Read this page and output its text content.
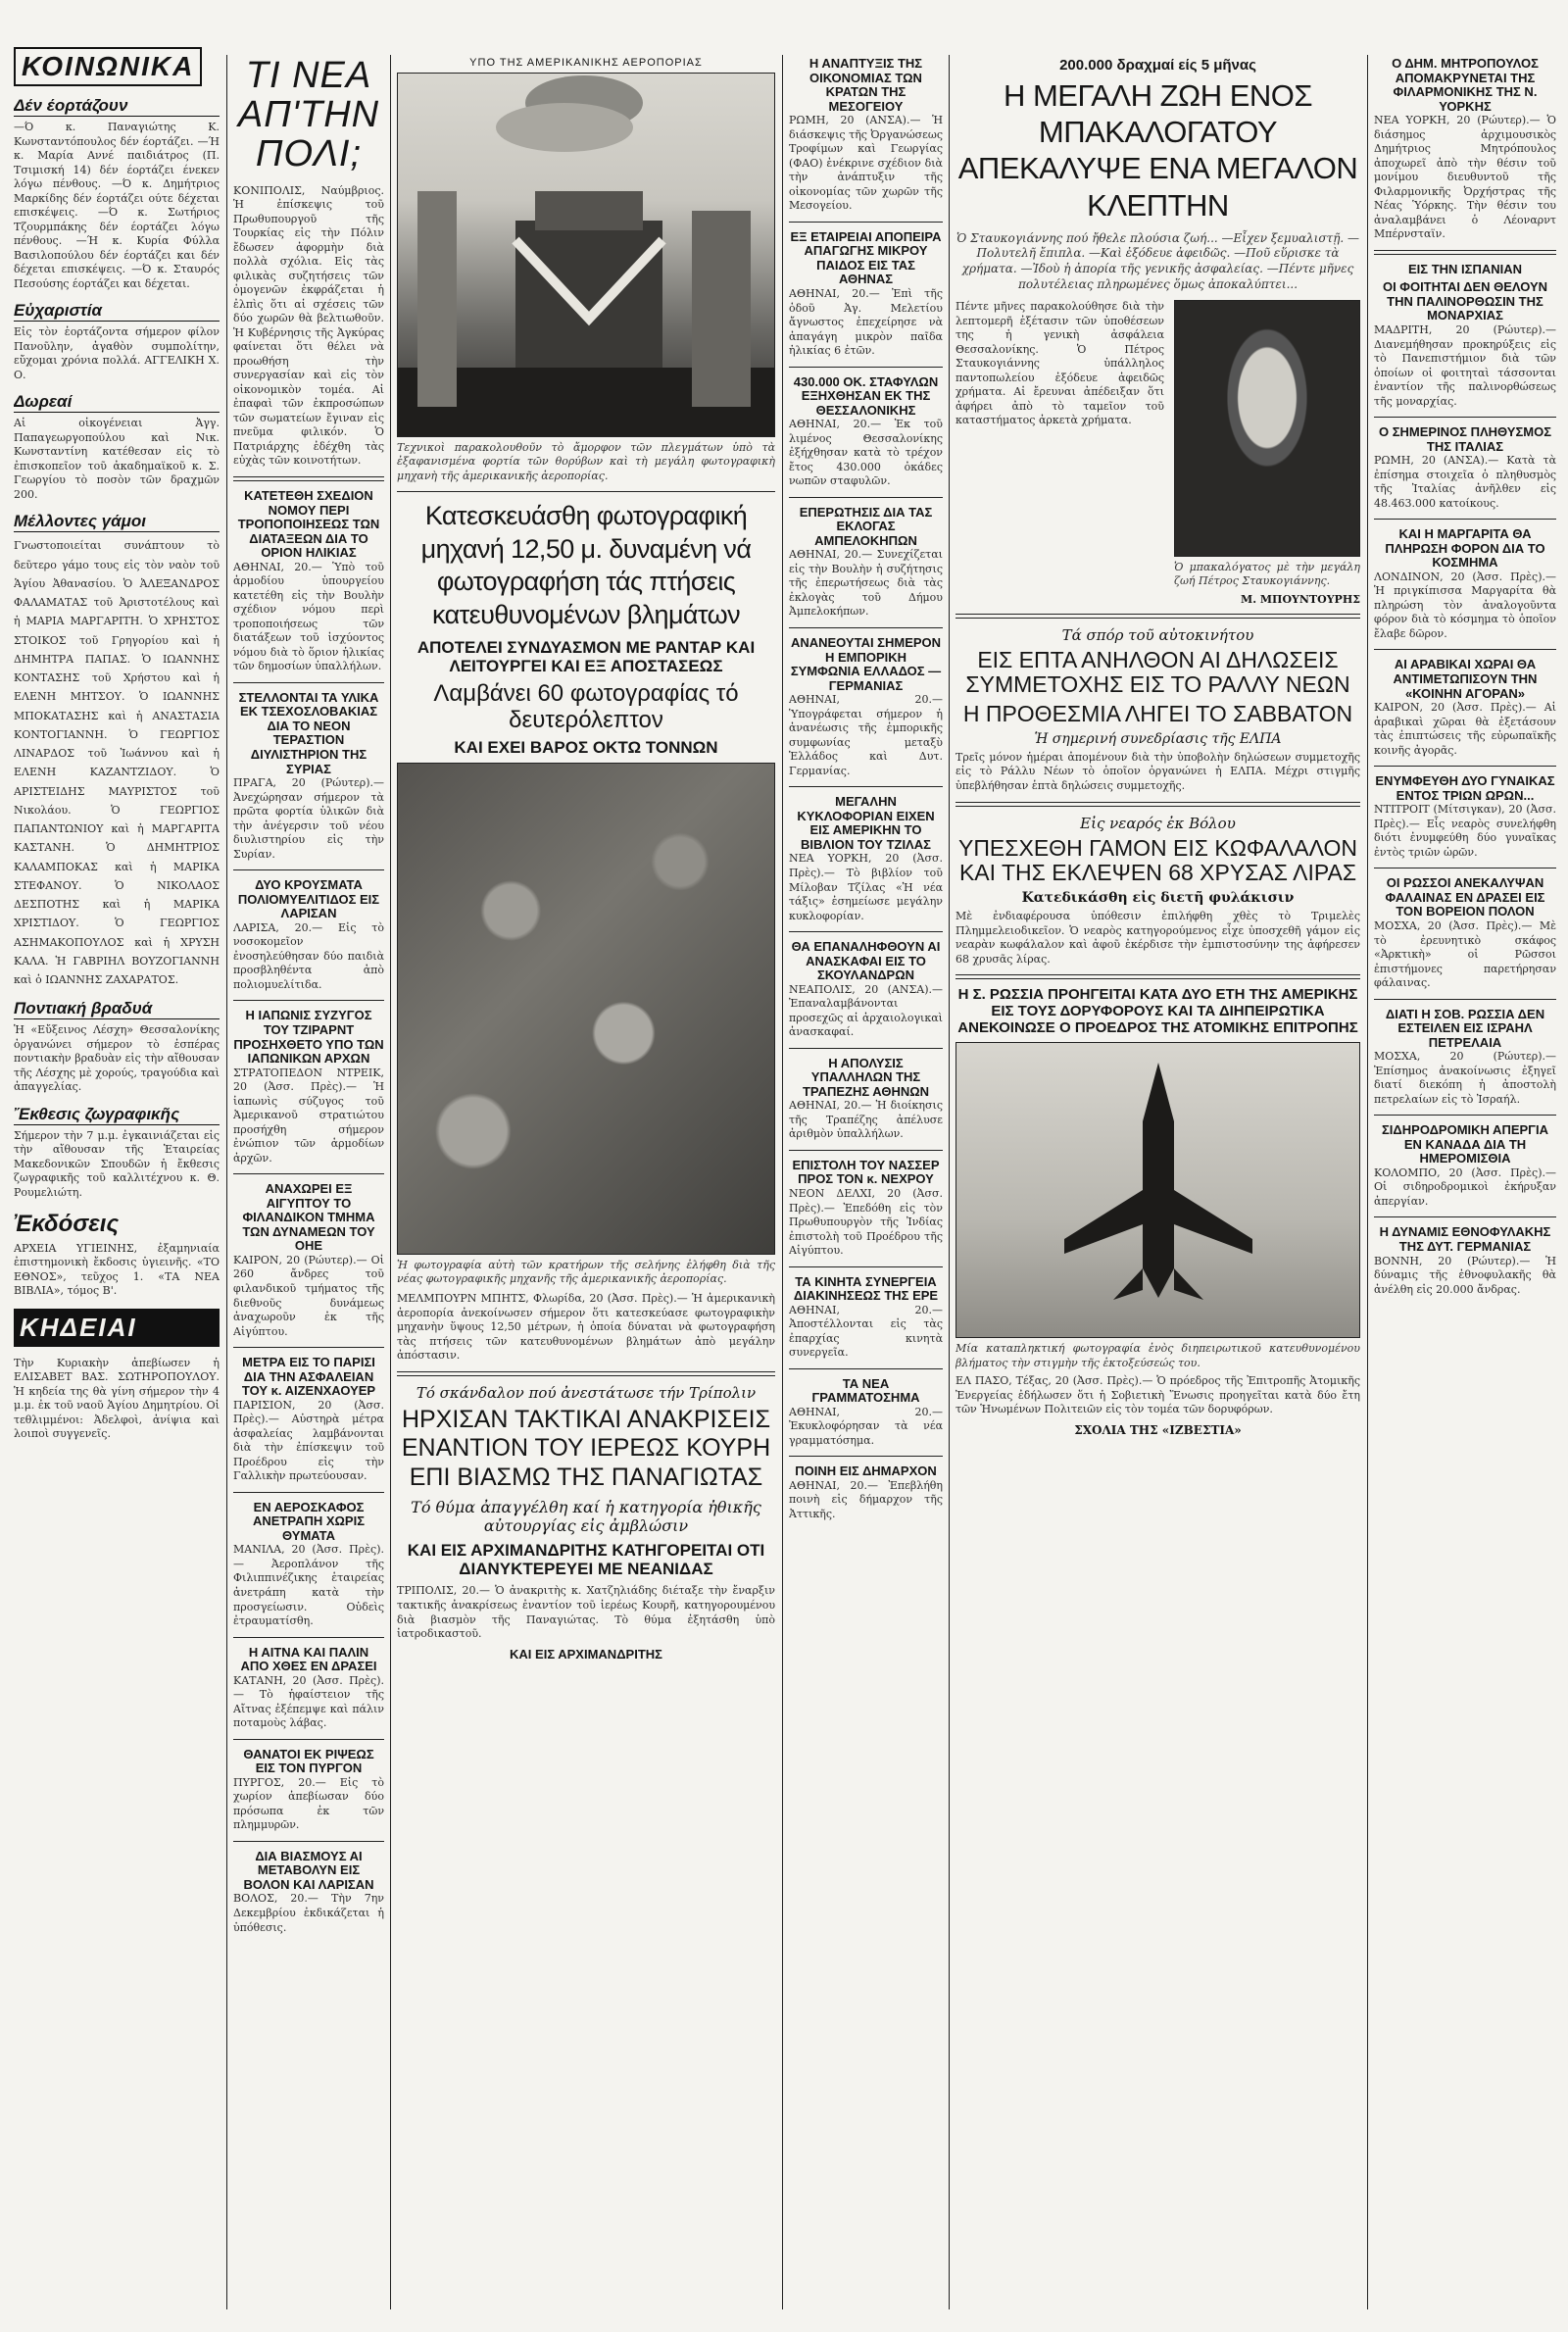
ΚΟΙΝΩΝΙΚΑ
Δέν έορτάζουν
—Ό κ. Παναγιώτης Κ. Κωνσταντόπουλος δέν έορτάζει. —Ή κ. Μαρία Αννέ παιδιάτρος (Π. Τσιμισκή 14) δέν έορτάζει ένεκεν λόγω πένθους. —Ό κ. Δημήτριος Μαρκίδης δέν έορτάζει ούτε δέχεται επισκέψεις. —Ό κ. Σωτήριος Τζουρμπάκης δέν έορτάζει λόγω πένθους. —Ή κ. Κυρία Φύλλα Βασιλοπούλου δέν έορτάζει και δέν δέχεται επισκέψεις. —Ό κ. Σταυρός Πεσούσης έορτάζει και δέχεται.
Εὐχαριστία
Εἰς τὸν ἑορτάζοντα σήμερον φίλον Πανοῦλην, ἀγαθὸν συμπολίτην, εὔχομαι χρόνια πολλά. ΑΓΓΕΛΙΚΗ Χ. Ο.
Δωρεαί
Αἱ οἰκογένειαι Ἀγγ. Παπαγεωργοπούλου καὶ Νικ. Κωνσταντίνη κατέθεσαν εἰς τὸ ἐπισκοπεῖον τοῦ ἀκαδημαϊκοῦ κ. Σ. Γεωργίου τὸ ποσὸν τῶν δραχμῶν 200.
Μέλλοντες γάμοι
Γνωστοποιείται συνάπτουν τὸ δεῦτερο γάμο τους εἰς τὸν ναὸν τοῦ Ἁγίου Ἀθανασίου. Ὁ ἈΛΕΞΑΝΔΡΟΣ ΦΑΛΑΜΑΤΑΣ τοῦ Ἀριστοτέλους καὶ ἡ ΜΑΡΙΑ ΜΑΡΓΑΡΙΤΗ. Ὁ ΧΡΗΣΤΟΣ ΣΤΟΙΚΟΣ τοῦ Γρηγορίου καὶ ἡ ΔΗΜΗΤΡΑ ΠΑΠΑΣ. Ὁ ΙΩΑΝΝΗΣ ΚΟΝΤΑΣΗΣ τοῦ Χρήστου καὶ ἡ ΕΛΕΝΗ ΜΗΤΣΟΥ. Ὁ ΙΩΑΝΝΗΣ ΜΠΟΚΑΤΑΣΗΣ καὶ ἡ ΑΝΑΣΤΑΣΙΑ ΚΟΝΤΟΓΙΑΝΝΗ. Ὁ ΓΕΩΡΓΙΟΣ ΛΙΝΑΡΔΟΣ τοῦ Ἰωάννου καὶ ἡ ΕΛΕΝΗ ΚΑΖΑΝΤΖΙΔΟΥ. Ὁ ΑΡΙΣΤΕΙΔΗΣ ΜΑΥΡΙΣΤΟΣ τοῦ Νικολάου. Ὁ ΓΕΩΡΓΙΟΣ ΠΑΠΑΝΤΩΝΙΟΥ καὶ ἡ ΜΑΡΓΑΡΙΤΑ ΚΑΣΤΑΝΗ. Ὁ ΔΗΜΗΤΡΙΟΣ ΚΑΛΑΜΠΟΚΑΣ καὶ ἡ ΜΑΡΙΚΑ ΣΤΕΦΑΝΟΥ. Ὁ ΝΙΚΟΛΑΟΣ ΔΕΣΠΟΤΗΣ καὶ ἡ ΜΑΡΙΚΑ ΧΡΙΣΤΙΔΟΥ. Ὁ ΓΕΩΡΓΙΟΣ ΑΣΗΜΑΚΟΠΟΥΛΟΣ καὶ ἡ ΧΡΥΣΗ ΚΑΛΑ. Ἡ ΓΑΒΡΙΗΛ ΒΟΥΖΟΓΙΑΝΝΗ καὶ ὁ ΙΩΑΝΝΗΣ ΖΑΧΑΡΑΤΟΣ.
Ποντιακή βραδυά
Ἡ «Εὔξεινος Λέσχη» Θεσσαλονίκης ὀργανώνει σήμερον τὸ ἑσπέρας ποντιακὴν βραδυὰν εἰς τὴν αἴθουσαν τῆς Λέσχης μὲ χορούς, τραγούδια καὶ ἀπαγγελίας.
Ἔκθεσις ζωγραφικῆς
Σήμερον τὴν 7 μ.μ. ἐγκαινιάζεται εἰς τὴν αἴθουσαν τῆς Ἑταιρείας Μακεδονικῶν Σπουδῶν ἡ ἔκθεσις ζωγραφικῆς τοῦ καλλιτέχνου κ. Θ. Ρουμελιώτη.
Ἐκδόσεις
ΑΡΧΕΙΑ ΥΓΙΕΙΝΗΣ, ἐξαμηνιαία ἐπιστημονικὴ ἔκδοσις ὑγιεινῆς. «ΤΟ ΕΘΝΟΣ», τεῦχος 1. «ΤΑ ΝΕΑ ΒΙΒΛΙΑ», τόμος Β'.
ΚΗΔΕΙΑΙ
Τὴν Κυριακὴν ἀπεβίωσεν ἡ ΕΛΙΣΑΒΕΤ ΒΑΣ. ΣΩΤΗΡΟΠΟΥΛΟΥ. Ἡ κηδεία της θὰ γίνη σήμερον τὴν 4 μ.μ. ἐκ τοῦ ναοῦ Ἁγίου Δημητρίου. Οἱ τεθλιμμένοι: Ἀδελφοὶ, ἀνίψια καὶ λοιποὶ συγγενεῖς.
ΤΙ ΝΕΑ ΑΠ'ΤΗΝ ΠΟΛΙ;
ΚΟΝΙΠΟΛΙΣ, Ναύμβριος. Ἡ ἐπίσκεψις τοῦ Πρωθυπουργοῦ τῆς Τουρκίας εἰς τὴν Πόλιν ἔδωσεν ἀφορμὴν διὰ πολλὰ σχόλια. Εἰς τὰς φιλικὰς συζητήσεις τῶν ὁμογενῶν ἐκφράζεται ἡ ἐλπὶς ὅτι αἱ σχέσεις τῶν δύο χωρῶν θὰ βελτιωθοῦν. Ἡ Κυβέρνησις τῆς Ἀγκύρας φαίνεται ὅτι θέλει νὰ προωθήση τὴν συνεργασίαν καὶ εἰς τὸν οἰκονομικὸν τομέα. Αἱ ἐπαφαὶ τῶν ἐκπροσώπων τῶν σωματείων ἔγιναν εἰς πνεῦμα φιλικόν. Ὁ Πατριάρχης ἐδέχθη τὰς εὐχὰς τῶν κοινοτήτων.
ΚΑΤΕΤΕΘΗ ΣΧΕΔΙΟΝ ΝΟΜΟΥ ΠΕΡΙ ΤΡΟΠΟΠΟΙΗΣΕΩΣ ΤΩΝ ΔΙΑΤΑΞΕΩΝ ΔΙΑ ΤΟ ΟΡΙΟΝ ΗΛΙΚΙΑΣ
ΑΘΗΝΑΙ, 20.— Ὑπὸ τοῦ ἁρμοδίου ὑπουργείου κατετέθη εἰς τὴν Βουλὴν σχέδιον νόμου περὶ τροποποιήσεως τῶν διατάξεων τοῦ ἰσχύοντος νόμου διὰ τὸ ὅριον ἡλικίας τῶν δημοσίων ὑπαλλήλων.
ΣΤΕΛΛΟΝΤΑΙ ΤΑ ΥΛΙΚΑ ΕΚ ΤΣΕΧΟΣΛΟΒΑΚΙΑΣ ΔΙΑ ΤΟ ΝΕΟΝ ΤΕΡΑΣΤΙΟΝ ΔΙΥΛΙΣΤΗΡΙΟΝ ΤΗΣ ΣΥΡΙΑΣ
ΠΡΑΓΑ, 20 (Ρώυτερ).— Ἀνεχώρησαν σήμερον τὰ πρῶτα φορτία ὑλικῶν διὰ τὴν ἀνέγερσιν τοῦ νέου διυλιστηρίου εἰς τὴν Συρίαν.
ΔΥΟ ΚΡΟΥΣΜΑΤΑ ΠΟΛΙΟΜΥΕΛΙΤΙΔΟΣ ΕΙΣ ΛΑΡΙΣΑΝ
ΛΑΡΙΣΑ, 20.— Εἰς τὸ νοσοκομεῖον ἐνοσηλεύθησαν δύο παιδιὰ προσβληθέντα ἀπὸ πολιομυελίτιδα.
Η ΙΑΠΩΝΙΣ ΣΥΖΥΓΟΣ ΤΟΥ ΤΖΙΡΑΡΝΤ ΠΡΟΣΗΧΘΕΤΟ ΥΠΟ ΤΩΝ ΙΑΠΩΝΙΚΩΝ ΑΡΧΩΝ
ΣΤΡΑΤΟΠΕΔΟΝ ΝΤΡΕΙΚ, 20 (Ἀσσ. Πρὲς).— Ἡ ἰαπωνὶς σύζυγος τοῦ Ἀμερικανοῦ στρατιώτου προσήχθη σήμερον ἐνώπιον τῶν ἁρμοδίων ἀρχῶν.
ΑΝΑΧΩΡΕΙ ΕΞ ΑΙΓΥΠΤΟΥ ΤΟ ΦΙΛΑΝΔΙΚΟΝ ΤΜΗΜΑ ΤΩΝ ΔΥΝΑΜΕΩΝ ΤΟΥ ΟΗΕ
ΚΑΙΡΟΝ, 20 (Ρώυτερ).— Οἱ 260 ἄνδρες τοῦ φιλανδικοῦ τμήματος τῆς διεθνοῦς δυνάμεως ἀναχωροῦν ἐκ τῆς Αἰγύπτου.
ΜΕΤΡΑ ΕΙΣ ΤΟ ΠΑΡΙΣΙ ΔΙΑ ΤΗΝ ΑΣΦΑΛΕΙΑΝ ΤΟΥ κ. ΑΙΖΕΝΧΑΟΥΕΡ
ΠΑΡΙΣΙΟΝ, 20 (Ἀσσ. Πρὲς).— Αὐστηρὰ μέτρα ἀσφαλείας λαμβάνονται διὰ τὴν ἐπίσκεψιν τοῦ Προέδρου εἰς τὴν Γαλλικὴν πρωτεύουσαν.
ΕΝ ΑΕΡΟΣΚΑΦΟΣ ΑΝΕΤΡΑΠΗ ΧΩΡΙΣ ΘΥΜΑΤΑ
ΜΑΝΙΛΑ, 20 (Ἀσσ. Πρὲς).— Ἀεροπλάνον τῆς Φιλιππινέζικης ἑταιρείας ἀνετράπη κατὰ τὴν προσγείωσιν. Οὐδεὶς ἐτραυματίσθη.
Η ΑΙΤΝΑ ΚΑΙ ΠΑΛΙΝ ΑΠΟ ΧΘΕΣ ΕΝ ΔΡΑΣΕΙ
ΚΑΤΑΝΗ, 20 (Ἀσσ. Πρὲς).— Τὸ ἡφαίστειον τῆς Αἴτνας ἐξέπεμψε καὶ πάλιν ποταμοὺς λάβας.
ΘΑΝΑΤΟΙ ΕΚ ΡΙΨΕΩΣ ΕΙΣ ΤΟΝ ΠΥΡΓΟΝ
ΠΥΡΓΟΣ, 20.— Εἰς τὸ χωρίον ἀπεβίωσαν δύο πρόσωπα ἐκ τῶν πλημμυρῶν.
ΔΙΑ ΒΙΑΣΜΟΥΣ ΑΙ ΜΕΤΑΒΟΛΥΝ ΕΙΣ ΒΟΛΟΝ ΚΑΙ ΛΑΡΙΣΑΝ
ΒΟΛΟΣ, 20.— Τὴν 7ην Δεκεμβρίου ἐκδικάζεται ἡ ὑπόθεσις.
ΥΠΟ ΤΗΣ ΑΜΕΡΙΚΑΝΙΚΗΣ ΑΕΡΟΠΟΡΙΑΣ
Τεχνικοὶ παρακολουθοῦν τὸ ἄμορφον τῶν πλεγμάτων ὑπὸ τὰ ἐξαφανισμένα φορτία τῶν θορύβων καὶ τὴ μεγάλη φωτογραφικὴ μηχανὴ τῆς ἀμερικανικῆς ἀεροπορίας.
Κατεσκευάσθη φωτογραφική μηχανή 12,50 μ. δυναμένη νά φωτογραφήση τάς πτήσεις κατευθυνομένων βλημάτων
ΑΠΟΤΕΛΕΙ ΣΥΝΔΥΑΣΜΟΝ ΜΕ ΡΑΝΤΑΡ ΚΑΙ ΛΕΙΤΟΥΡΓΕΙ ΚΑΙ ΕΞ ΑΠΟΣΤΑΣΕΩΣ
Λαμβάνει 60 φωτογραφίας τό δευτερόλεπτον
ΚΑΙ ΕΧΕΙ ΒΑΡΟΣ ΟΚΤΩ ΤΟΝΝΩΝ
Ἡ φωτογραφία αὐτὴ τῶν κρατήρων τῆς σελήνης ἐλήφθη διὰ τῆς νέας φωτογραφικῆς μηχανῆς τῆς ἀμερικανικῆς ἀεροπορίας.
ΜΕΛΜΠΟΥΡΝ ΜΠΗΤΣ, Φλωρίδα, 20 (Ἀσσ. Πρὲς).— Ἡ ἀμερικανικὴ ἀεροπορία ἀνεκοίνωσεν σήμερον ὅτι κατεσκεύασε φωτογραφικὴν μηχανὴν ὕψους 12,50 μέτρων, ἡ ὁποία δύναται νὰ φωτογραφήση τὰς πτήσεις τῶν κατευθυνομένων βλημάτων ἀπὸ μεγάλην ἀπόστασιν.
Τό σκάνδαλον πού ἀνεστάτωσε τήν Τρίπολιν
ΗΡΧΙΣΑΝ ΤΑΚΤΙΚΑΙ ΑΝΑΚΡΙΣΕΙΣ ΕΝΑΝΤΙΟΝ ΤΟΥ ΙΕΡΕΩΣ ΚΟΥΡΗ ΕΠΙ ΒΙΑΣΜΩ ΤΗΣ ΠΑΝΑΓΙΩΤΑΣ
Τό θύμα ἀπαγγέλθη καί ἡ κατηγορία ἠθικῆς αὐτουργίας εἰς ἀμβλώσιν
ΚΑΙ ΕΙΣ ΑΡΧΙΜΑΝΔΡΙΤΗΣ ΚΑΤΗΓΟΡΕΙΤΑΙ ΟΤΙ ΔΙΑΝΥΚΤΕΡΕΥΕΙ ΜΕ ΝΕΑΝΙΔΑΣ
ΤΡΙΠΟΛΙΣ, 20.— Ὁ ἀνακριτὴς κ. Χατζηλιάδης διέταξε τὴν ἔναρξιν τακτικῆς ἀνακρίσεως ἐναντίον τοῦ ἱερέως Κουρῆ, κατηγορουμένου διὰ βιασμὸν τῆς Παναγιώτας. Τὸ θύμα ἐξητάσθη ὑπὸ ἰατροδικαστοῦ.
ΚΑΙ ΕΙΣ ΑΡΧΙΜΑΝΔΡΙΤΗΣ
Η ΑΝΑΠΤΥΞΙΣ ΤΗΣ ΟΙΚΟΝΟΜΙΑΣ ΤΩΝ ΚΡΑΤΩΝ ΤΗΣ ΜΕΣΟΓΕΙΟΥ
ΡΩΜΗ, 20 (ΑΝΣΑ).— Ἡ διάσκεψις τῆς Ὀργανώσεως Τροφίμων καὶ Γεωργίας (ΦΑΟ) ἐνέκρινε σχέδιον διὰ τὴν ἀνάπτυξιν τῆς οἰκονομίας τῶν χωρῶν τῆς Μεσογείου.
ΕΞ ΕΤΑΙΡΕΙΑΙ ΑΠΟΠΕΙΡΑ ΑΠΑΓΩΓΗΣ ΜΙΚΡΟΥ ΠΑΙΔΟΣ ΕΙΣ ΤΑΣ ΑΘΗΝΑΣ
ΑΘΗΝΑΙ, 20.— Ἐπὶ τῆς ὁδοῦ Ἀγ. Μελετίου ἄγνωστος ἐπεχείρησε νὰ ἀπαγάγη μικρὸν παῖδα ἡλικίας 6 ἐτῶν.
430.000 ΟΚ. ΣΤΑΦΥΛΩΝ ΕΞΗΧΘΗΣΑΝ ΕΚ ΤΗΣ ΘΕΣΣΑΛΟΝΙΚΗΣ
ΑΘΗΝΑΙ, 20.— Ἐκ τοῦ λιμένος Θεσσαλονίκης ἐξήχθησαν κατὰ τὸ τρέχον ἔτος 430.000 ὀκάδες νωπῶν σταφυλῶν.
ΕΠΕΡΩΤΗΣΙΣ ΔΙΑ ΤΑΣ ΕΚΛΟΓΑΣ ΑΜΠΕΛΟΚΗΠΩΝ
ΑΘΗΝΑΙ, 20.— Συνεχίζεται εἰς τὴν Βουλὴν ἡ συζήτησις τῆς ἐπερωτήσεως διὰ τὰς ἐκλογὰς τοῦ Δήμου Ἀμπελοκήπων.
ΑΝΑΝΕΟΥΤΑΙ ΣΗΜΕΡΟΝ Η ΕΜΠΟΡΙΚΗ ΣΥΜΦΩΝΙΑ ΕΛΛΑΔΟΣ — ΓΕΡΜΑΝΙΑΣ
ΑΘΗΝΑΙ, 20.— Ὑπογράφεται σήμερον ἡ ἀνανέωσις τῆς ἐμπορικῆς συμφωνίας μεταξὺ Ἑλλάδος καὶ Δυτ. Γερμανίας.
ΜΕΓΑΛΗΝ ΚΥΚΛΟΦΟΡΙΑΝ ΕΙΧΕΝ ΕΙΣ ΑΜΕΡΙΚΗΝ ΤΟ ΒΙΒΛΙΟΝ ΤΟΥ ΤΖΙΛΑΣ
ΝΕΑ ΥΟΡΚΗ, 20 (Ἀσσ. Πρὲς).— Τὸ βιβλίον τοῦ Μίλοβαν Τζίλας «Ἡ νέα τάξις» ἐσημείωσε μεγάλην κυκλοφορίαν.
ΘΑ ΕΠΑΝΑΛΗΦΘΟΥΝ ΑΙ ΑΝΑΣΚΑΦΑΙ ΕΙΣ ΤΟ ΣΚΟΥΛΑΝΔΡΩΝ
ΝΕΑΠΟΛΙΣ, 20 (ΑΝΣΑ).— Ἐπαναλαμβάνονται προσεχῶς αἱ ἀρχαιολογικαὶ ἀνασκαφαί.
Η ΑΠΟΛΥΣΙΣ ΥΠΑΛΛΗΛΩΝ ΤΗΣ ΤΡΑΠΕΖΗΣ ΑΘΗΝΩΝ
ΑΘΗΝΑΙ, 20.— Ἡ διοίκησις τῆς Τραπέζης ἀπέλυσε ἀριθμὸν ὑπαλλήλων.
ΕΠΙΣΤΟΛΗ ΤΟΥ ΝΑΣΣΕΡ ΠΡΟΣ ΤΟΝ κ. ΝΕΧΡΟΥ
ΝΕΟΝ ΔΕΛΧΙ, 20 (Ἀσσ. Πρὲς).— Ἐπεδόθη εἰς τὸν Πρωθυπουργὸν τῆς Ἰνδίας ἐπιστολὴ τοῦ Προέδρου τῆς Αἰγύπτου.
ΤΑ ΚΙΝΗΤΑ ΣΥΝΕΡΓΕΙΑ ΔΙΑΚΙΝΗΣΕΩΣ ΤΗΣ ΕΡΕ
ΑΘΗΝΑΙ, 20.— Ἀποστέλλονται εἰς τὰς ἐπαρχίας κινητὰ συνεργεῖα.
ΤΑ ΝΕΑ ΓΡΑΜΜΑΤΟΣΗΜΑ
ΑΘΗΝΑΙ, 20.— Ἐκυκλοφόρησαν τὰ νέα γραμματόσημα.
ΠΟΙΝΗ ΕΙΣ ΔΗΜΑΡΧΟΝ
ΑΘΗΝΑΙ, 20.— Ἐπεβλήθη ποινὴ εἰς δήμαρχον τῆς Ἀττικῆς.
200.000 δραχμαί είς 5 μῆνας
Η ΜΕΓΑΛΗ ΖΩΗ ΕΝΟΣ ΜΠΑΚΑΛΟΓΑΤΟΥ ΑΠΕΚΑΛΥΨΕ ΕΝΑ ΜΕΓΑΛΟΝ ΚΛΕΠΤΗΝ
Ὁ Σταυκογιάννης πού ἤθελε πλούσια ζωή... —Εἶχεν ξεμυαλιστῇ. —Πολυτελῆ ἔπιπλα. —Καὶ ἐξόδευε ἀφειδῶς. —Ποῦ εὕρισκε τὰ χρήματα. —Ἰδοὺ ἡ ἀπορία τῆς γενικῆς ἀσφαλείας. —Πέντε μῆνες πολυτέλειας πληρωμένες ὅμως ἀποκαλύπτει...
Πέντε μῆνες παρακολούθησε διὰ τὴν λεπτομερῆ ἐξέτασιν τῶν ὑποθέσεων της ἡ γενικὴ ἀσφάλεια Θεσσαλονίκης. Ὁ Πέτρος Σταυκογιάννης ὑπάλληλος παντοπωλείου ἐξόδευε ἀφειδῶς χρήματα. Αἱ ἔρευναι ἀπέδειξαν ὅτι ἀφήρει ἀπὸ τὸ ταμεῖον τοῦ καταστήματος ἀρκετὰ χρήματα.
Ὁ μπακαλόγατος μὲ τὴν μεγάλη ζωή Πέτρος Σταυκογιάννης.
Μ. ΜΠΟΥΝΤΟΥΡΗΣ
Τά σπόρ τοῦ αὐτοκινήτου
ΕΙΣ ΕΠΤΑ ΑΝΗΛΘΟΝ ΑΙ ΔΗΛΩΣΕΙΣ ΣΥΜΜΕΤΟΧΗΣ ΕΙΣ ΤΟ ΡΑΛΛΥ ΝΕΩΝ
Η ΠΡΟΘΕΣΜΙΑ ΛΗΓΕΙ ΤΟ ΣΑΒΒΑΤΟΝ
Ἡ σημερινή συνεδρίασις τῆς ΕΛΠΑ
Τρεῖς μόνον ἡμέραι ἀπομένουν διὰ τὴν ὑποβολὴν δηλώσεων συμμετοχῆς εἰς τὸ Ράλλυ Νέων τὸ ὁποῖον ὀργανώνει ἡ ΕΛΠΑ. Μέχρι στιγμῆς ὑπεβλήθησαν ἑπτὰ δηλώσεις συμμετοχῆς.
Εἰς νεαρός ἐκ Βόλου
ΥΠΕΣΧΕΘΗ ΓΑΜΟΝ ΕΙΣ ΚΩΦΑΛΑΛΟΝ ΚΑΙ ΤΗΣ ΕΚΛΕΨΕΝ 68 ΧΡΥΣΑΣ ΛΙΡΑΣ
Κατεδικάσθη εἰς διετῆ φυλάκισιν
Μὲ ἐνδιαφέρουσα ὑπόθεσιν ἐπιλήφθη χθὲς τὸ Τριμελὲς Πλημμελειοδικεῖον. Ὁ νεαρὸς κατηγορούμενος εἶχε ὑποσχεθῆ γάμον εἰς νεαρὰν κωφάλαλον καὶ ἀφοῦ ἐκέρδισε τὴν ἐμπιστοσύνην της ἀφήρεσεν 68 χρυσᾶς λίρας.
Η Σ. ΡΩΣΣΙΑ ΠΡΟΗΓΕΙΤΑΙ ΚΑΤΑ ΔΥΟ ΕΤΗ ΤΗΣ ΑΜΕΡΙΚΗΣ ΕΙΣ ΤΟΥΣ ΔΟΡΥΦΟΡΟΥΣ ΚΑΙ ΤΑ ΔΙΗΠΕΙΡΩΤΙΚΑ ΑΝΕΚΟΙΝΩΣΕ Ο ΠΡΟΕΔΡΟΣ ΤΗΣ ΑΤΟΜΙΚΗΣ ΕΠΙΤΡΟΠΗΣ
Μία καταπληκτική φωτογραφία ἑνὸς διηπειρωτικοῦ κατευθυνομένου βλήματος τὴν στιγμὴν τῆς ἐκτοξεύσεώς του.
ΕΛ ΠΑΣΟ, Τέξας, 20 (Ἀσσ. Πρὲς).— Ὁ πρόεδρος τῆς Ἐπιτροπῆς Ἀτομικῆς Ἐνεργείας ἐδήλωσεν ὅτι ἡ Σοβιετικὴ Ἕνωσις προηγεῖται κατὰ δύο ἔτη τῶν Ἡνωμένων Πολιτειῶν εἰς τὸν τομέα τῶν δορυφόρων.
ΣΧΟΛΙΑ ΤΗΣ «ΙΖΒΕΣΤΙΑ»
Ο ΔΗΜ. ΜΗΤΡΟΠΟΥΛΟΣ ΑΠΟΜΑΚΡΥΝΕΤΑΙ ΤΗΣ ΦΙΛΑΡΜΟΝΙΚΗΣ ΤΗΣ Ν. ΥΟΡΚΗΣ
ΝΕΑ ΥΟΡΚΗ, 20 (Ρώυτερ).— Ὁ διάσημος ἀρχιμουσικὸς Δημήτριος Μητρόπουλος ἀποχωρεῖ ἀπὸ τὴν θέσιν τοῦ μονίμου διευθυντοῦ τῆς Φιλαρμονικῆς Ὀρχήστρας τῆς Νέας Ὑόρκης. Τὴν θέσιν του ἀναλαμβάνει ὁ Λέοναρντ Μπέρνσταϊν.
ΕΙΣ ΤΗΝ ΙΣΠΑΝΙΑΝ
ΟΙ ΦΟΙΤΗΤΑΙ ΔΕΝ ΘΕΛΟΥΝ ΤΗΝ ΠΑΛΙΝΟΡΘΩΣΙΝ ΤΗΣ ΜΟΝΑΡΧΙΑΣ
ΜΑΔΡΙΤΗ, 20 (Ρώυτερ).— Διανεμήθησαν προκηρύξεις εἰς τὸ Πανεπιστήμιον διὰ τῶν ὁποίων οἱ φοιτηταὶ τάσσονται ἐναντίον τῆς παλινορθώσεως τῆς μοναρχίας.
Ο ΣΗΜΕΡΙΝΟΣ ΠΛΗΘΥΣΜΟΣ ΤΗΣ ΙΤΑΛΙΑΣ
ΡΩΜΗ, 20 (ΑΝΣΑ).— Κατὰ τὰ ἐπίσημα στοιχεῖα ὁ πληθυσμὸς τῆς Ἰταλίας ἀνῆλθεν εἰς 48.463.000 κατοίκους.
ΚΑΙ Η ΜΑΡΓΑΡΙΤΑ ΘΑ ΠΛΗΡΩΣΗ ΦΟΡΟΝ ΔΙΑ ΤΟ ΚΟΣΜΗΜΑ
ΛΟΝΔΙΝΟΝ, 20 (Ἀσσ. Πρὲς).— Ἡ πριγκίπισσα Μαργαρίτα θὰ πληρώση τὸν ἀναλογοῦντα φόρον διὰ τὸ κόσμημα τὸ ὁποῖον ἔλαβε δῶρον.
ΑΙ ΑΡΑΒΙΚΑΙ ΧΩΡΑΙ ΘΑ ΑΝΤΙΜΕΤΩΠΙΣΟΥΝ ΤΗΝ «ΚΟΙΝΗΝ ΑΓΟΡΑΝ»
ΚΑΙΡΟΝ, 20 (Ἀσσ. Πρὲς).— Αἱ ἀραβικαὶ χῶραι θὰ ἐξετάσουν τὰς ἐπιπτώσεις τῆς εὐρωπαϊκῆς κοινῆς ἀγορᾶς.
ΕΝΥΜΦΕΥΘΗ ΔΥΟ ΓΥΝΑΙΚΑΣ ΕΝΤΟΣ ΤΡΙΩΝ ΩΡΩΝ...
ΝΤΙΤΡΟΙΤ (Μίτσιγκαν), 20 (Ἀσσ. Πρὲς).— Εἷς νεαρὸς συνελήφθη διότι ἐνυμφεύθη δύο γυναῖκας ἐντὸς τριῶν ὡρῶν.
ΟΙ ΡΩΣΣΟΙ ΑΝΕΚΑΛΥΨΑΝ ΦΑΛΑΙΝΑΣ ΕΝ ΔΡΑΣΕΙ ΕΙΣ ΤΟΝ ΒΟΡΕΙΟΝ ΠΟΛΟΝ
ΜΟΣΧΑ, 20 (Ἀσσ. Πρὲς).— Μὲ τὸ ἐρευνητικὸ σκάφος «Ἀρκτικὴ» οἱ Ρῶσσοι ἐπιστήμονες παρετήρησαν φάλαινας.
ΔΙΑΤΙ Η ΣΟΒ. ΡΩΣΣΙΑ ΔΕΝ ΕΣΤΕΙΛΕΝ ΕΙΣ ΙΣΡΑΗΛ ΠΕΤΡΕΛΑΙΑ
ΜΟΣΧΑ, 20 (Ρώυτερ).— Ἐπίσημος ἀνακοίνωσις ἐξηγεῖ διατί διεκόπη ἡ ἀποστολὴ πετρελαίων εἰς τὸ Ἰσραήλ.
ΣΙΔΗΡΟΔΡΟΜΙΚΗ ΑΠΕΡΓΙΑ ΕΝ ΚΑΝΑΔΑ ΔΙΑ ΤΗ ΗΜΕΡΟΜΙΣΘΙΑ
ΚΟΛΟΜΠΟ, 20 (Ἀσσ. Πρὲς).— Οἱ σιδηροδρομικοὶ ἐκήρυξαν ἀπεργίαν.
Η ΔΥΝΑΜΙΣ ΕΘΝΟΦΥΛΑΚΗΣ ΤΗΣ ΔΥΤ. ΓΕΡΜΑΝΙΑΣ
ΒΟΝΝΗ, 20 (Ρώυτερ).— Ἡ δύναμις τῆς ἐθνοφυλακῆς θὰ ἀνέλθη εἰς 20.000 ἄνδρας.
